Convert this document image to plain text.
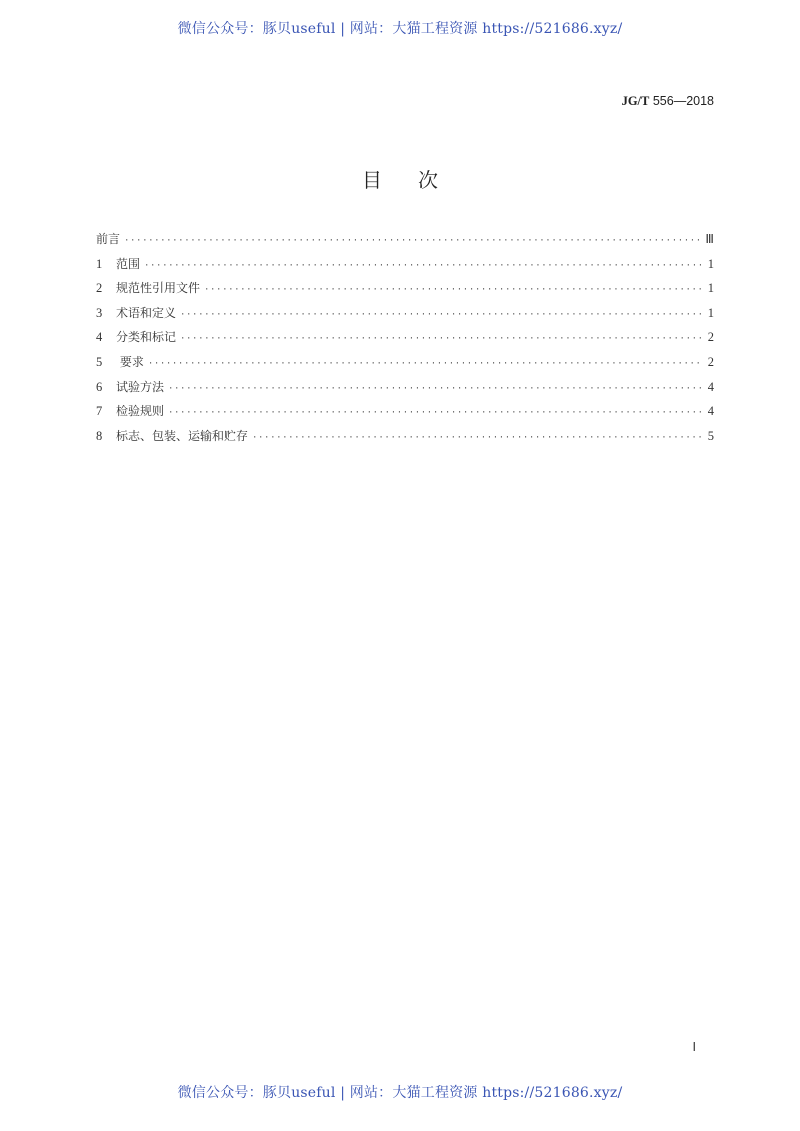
微信公众号：豚贝useful | 网站：大猫工程资源 https://521686.xyz/
JG/T 556—2018
目次
前言 ·····	Ⅲ
1	范围 ·····	1
2	规范性引用文件 ·····	1
3	术语和定义 ·····	1
4	分类和标记 ·····	2
5	要求 ·····	2
6	试验方法 ·····	4
7	检验规则 ·····	4
8	标志、包装、运输和贮存 ·····	5
Ⅰ
微信公众号：豚贝useful | 网站：大猫工程资源 https://521686.xyz/
